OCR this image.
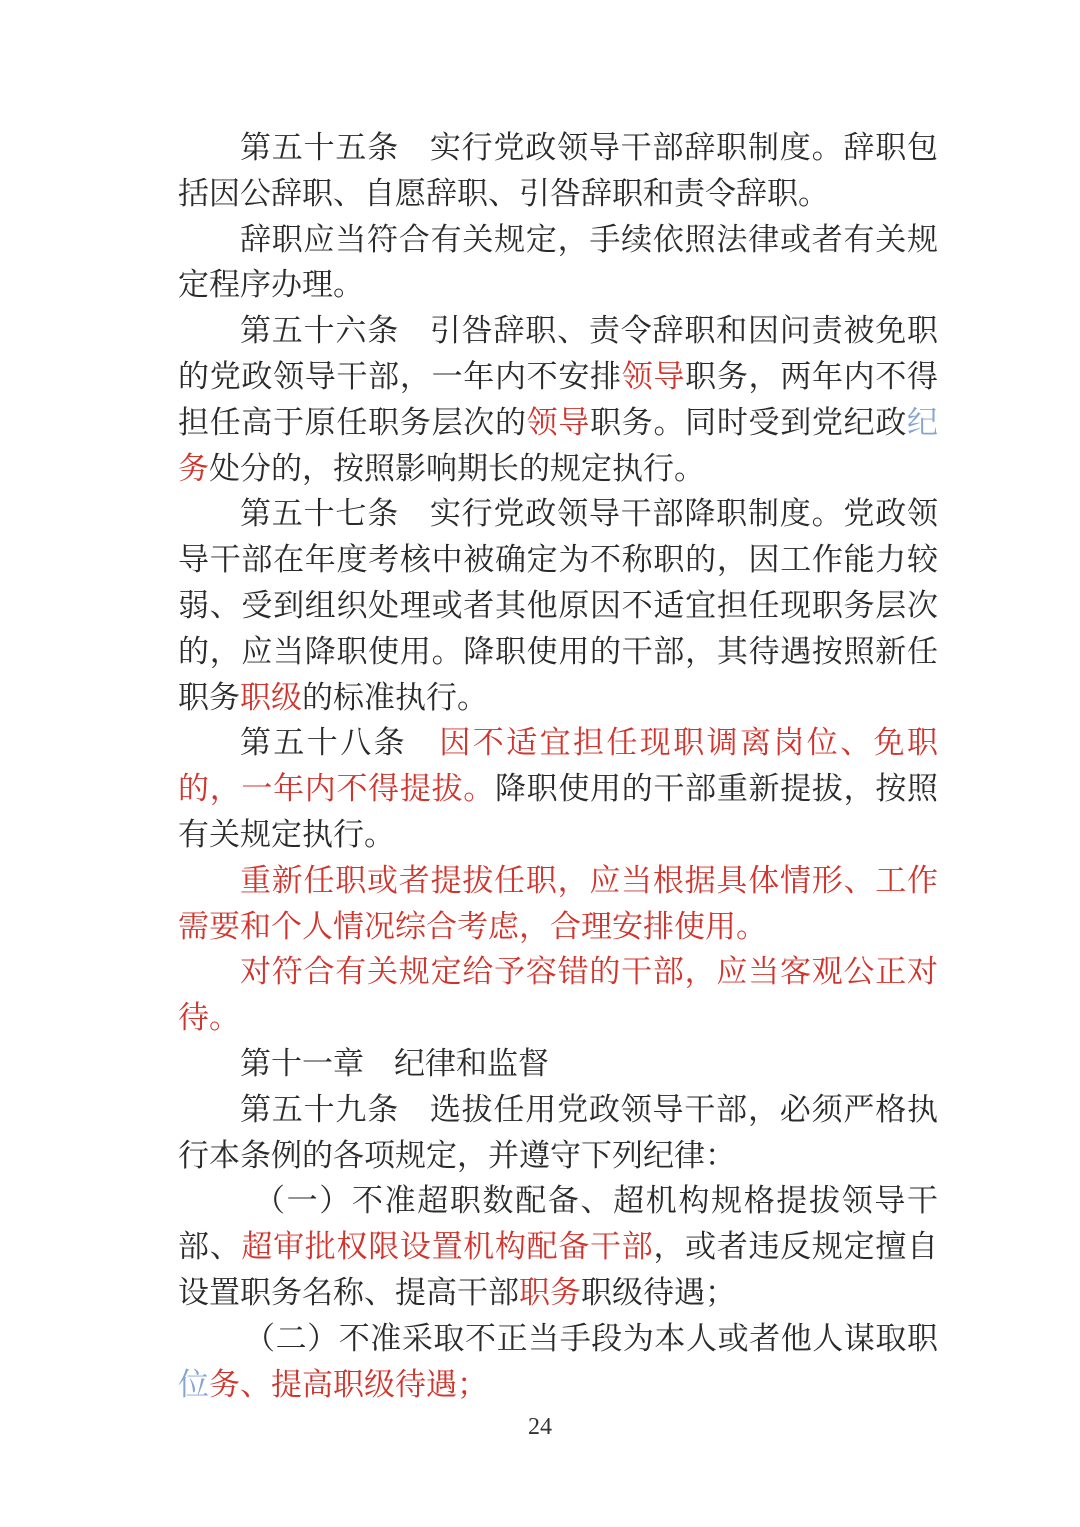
第五十五条 实行党政领导干部辞职制度。辞职包括因公辞职、自愿辞职、引咎辞职和责令辞职。

辞职应当符合有关规定，手续依照法律或者有关规定程序办理。

第五十六条 引咎辞职、责令辞职和因问责被免职的党政领导干部，一年内不安排领导职务，两年内不得担任高于原任职务层次的领导职务。同时受到党纪政纪务处分的，按照影响期长的规定执行。

第五十七条 实行党政领导干部降职制度。党政领导干部在年度考核中被确定为不称职的，因工作能力较弱、受到组织处理或者其他原因不适宜担任现职务层次的，应当降职使用。降职使用的干部，其待遇按照新任职务职级的标准执行。

第五十八条 因不适宜担任现职调离岗位、免职的，一年内不得提拔。降职使用的干部重新提拔，按照有关规定执行。

重新任职或者提拔任职，应当根据具体情形、工作需要和个人情况综合考虑，合理安排使用。

对符合有关规定给予容错的干部，应当客观公正对待。

第十一章 纪律和监督

第五十九条 选拔任用党政领导干部，必须严格执行本条例的各项规定，并遵守下列纪律：

（一）不准超职数配备、超机构规格提拔领导干部、超审批权限设置机构配备干部，或者违反规定擅自设置职务名称、提高干部职务职级待遇；

（二）不准采取不正当手段为本人或者他人谋取职位务、提高职级待遇；

24
